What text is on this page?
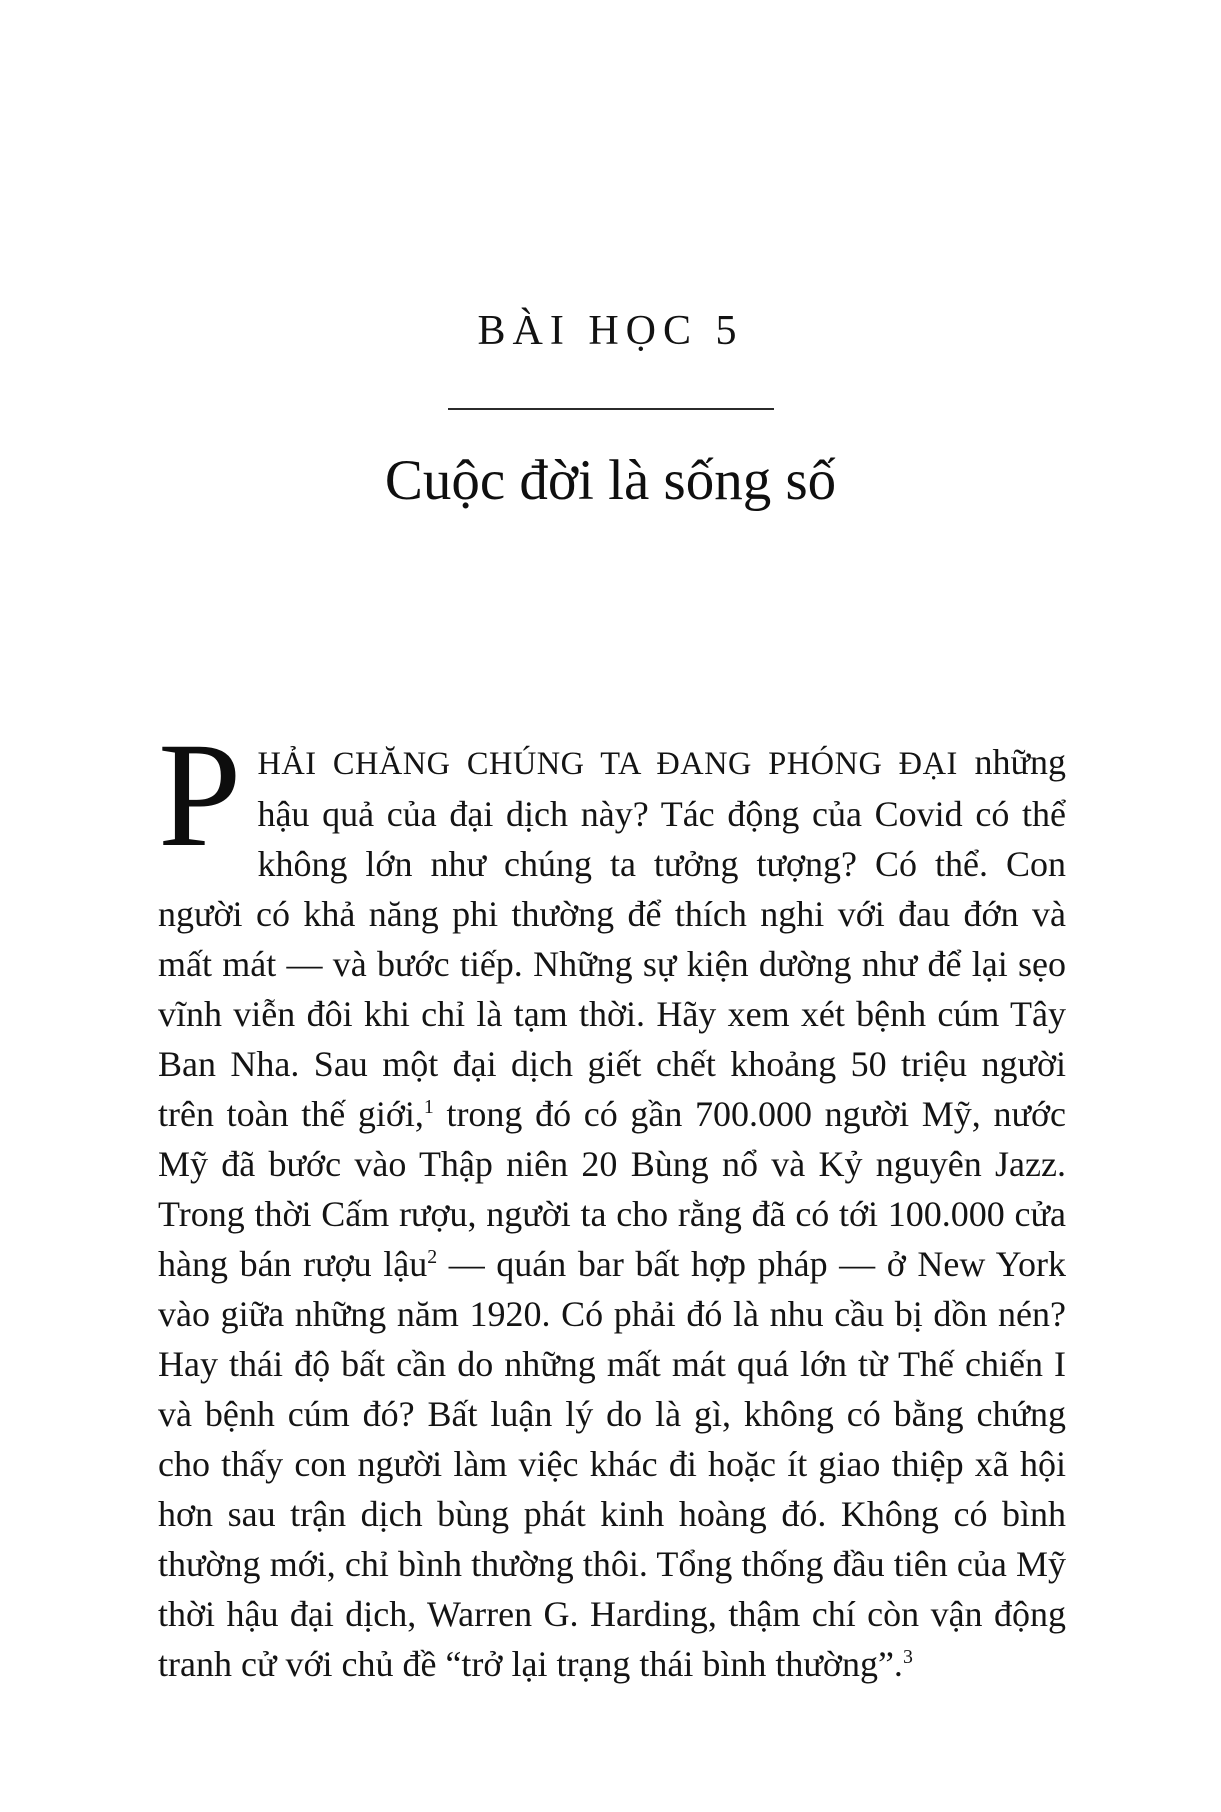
BÀI HỌC 5
Cuộc đời là sống số

PHẢI CHĂNG CHÚNG TA ĐANG PHÓNG ĐẠI những hậu quả của đại dịch này? Tác động của Covid có thể không lớn như chúng ta tưởng tượng? Có thể. Con người có khả năng phi thường để thích nghi với đau đớn và mất mát — và bước tiếp. Những sự kiện dường như để lại sẹo vĩnh viễn đôi khi chỉ là tạm thời. Hãy xem xét bệnh cúm Tây Ban Nha. Sau một đại dịch giết chết khoảng 50 triệu người trên toàn thế giới,$^1$ trong đó có gần 700.000 người Mỹ, nước Mỹ đã bước vào Thập niên 20 Bùng nổ và Kỷ nguyên Jazz. Trong thời Cấm rượu, người ta cho rằng đã có tới 100.000 cửa hàng bán rượu lậu$^2$ — quán bar bất hợp pháp — ở New York vào giữa những năm 1920. Có phải đó là nhu cầu bị dồn nén? Hay thái độ bất cần do những mất mát quá lớn từ Thế chiến I và bệnh cúm đó? Bất luận lý do là gì, không có bằng chứng cho thấy con người làm việc khác đi hoặc ít giao thiệp xã hội hơn sau trận dịch bùng phát kinh hoàng đó. Không có bình thường mới, chỉ bình thường thôi. Tổng thống đầu tiên của Mỹ thời hậu đại dịch, Warren G. Harding, thậm chí còn vận động tranh cử với chủ đề “trở lại trạng thái bình thường”.$^3$
